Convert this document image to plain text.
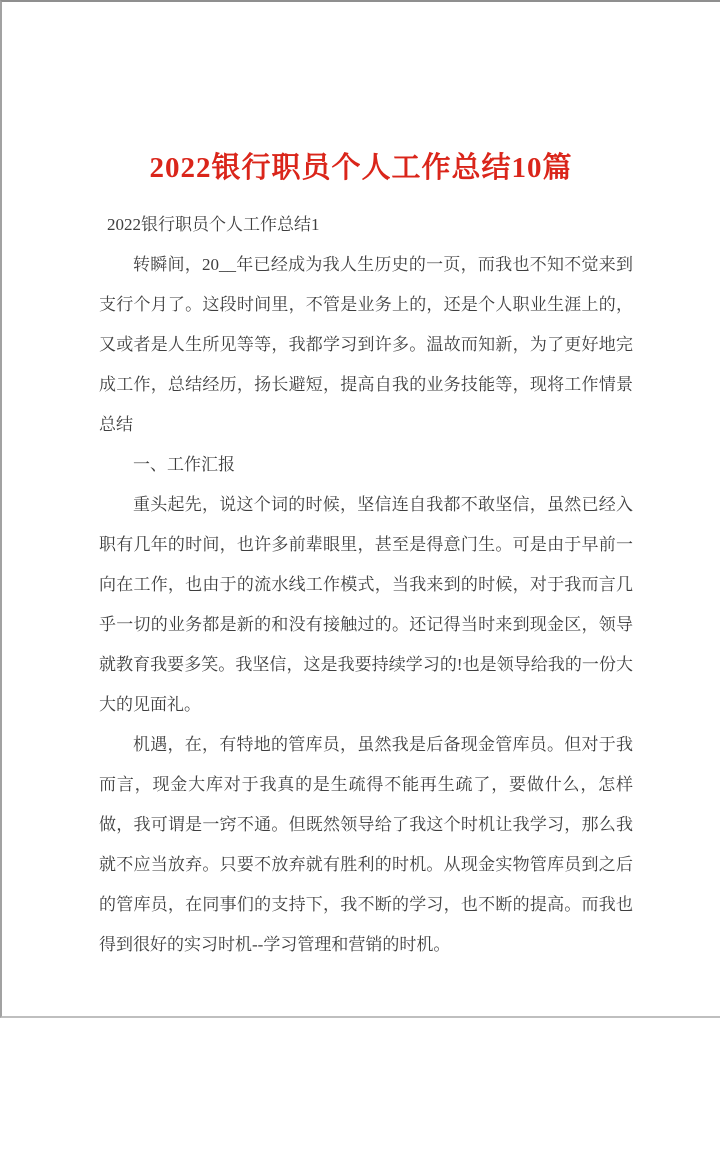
2022银行职员个人工作总结10篇
2022银行职员个人工作总结1

转瞬间，20__年已经成为我人生历史的一页，而我也不知不觉来到支行个月了。这段时间里，不管是业务上的，还是个人职业生涯上的，又或者是人生所见等等，我都学习到许多。温故而知新，为了更好地完成工作，总结经历，扬长避短，提高自我的业务技能等，现将工作情景总结

一、工作汇报

重头起先，说这个词的时候，坚信连自我都不敢坚信，虽然已经入职有几年的时间，也许多前辈眼里，甚至是得意门生。可是由于早前一向在工作，也由于的流水线工作模式，当我来到的时候，对于我而言几乎一切的业务都是新的和没有接触过的。还记得当时来到现金区，领导就教育我要多笑。我坚信，这是我要持续学习的!也是领导给我的一份大大的见面礼。

机遇，在，有特地的管库员，虽然我是后备现金管库员。但对于我而言，现金大库对于我真的是生疏得不能再生疏了，要做什么，怎样做，我可谓是一窍不通。但既然领导给了我这个时机让我学习，那么我就不应当放弃。只要不放弃就有胜利的时机。从现金实物管库员到之后的管库员，在同事们的支持下，我不断的学习，也不断的提高。而我也得到很好的实习时机--学习管理和营销的时机。
